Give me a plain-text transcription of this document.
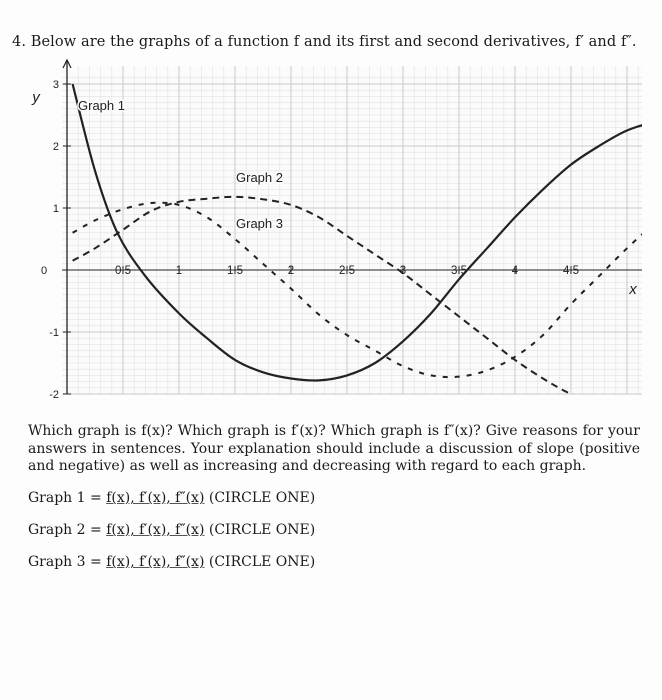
4. Below are the graphs of a function f and its first and second derivatives, f′ and f″.
3
2
1
0
-1
-2
0.5	1	1.5	2	2.5	3	3.5	4	4.5
y
x
Graph 1
Graph 2
Graph 3
Which graph is f(x)? Which graph is f′(x)? Which graph is f″(x)? Give reasons for your answers in sentences. Your explanation should include a discussion of slope (positive and negative) as well as increasing and decreasing with regard to each graph.
Graph 1 = f(x), f′(x), f″(x) (CIRCLE ONE)
Graph 2 = f(x), f′(x), f″(x) (CIRCLE ONE)
Graph 3 = f(x), f′(x), f″(x) (CIRCLE ONE)
